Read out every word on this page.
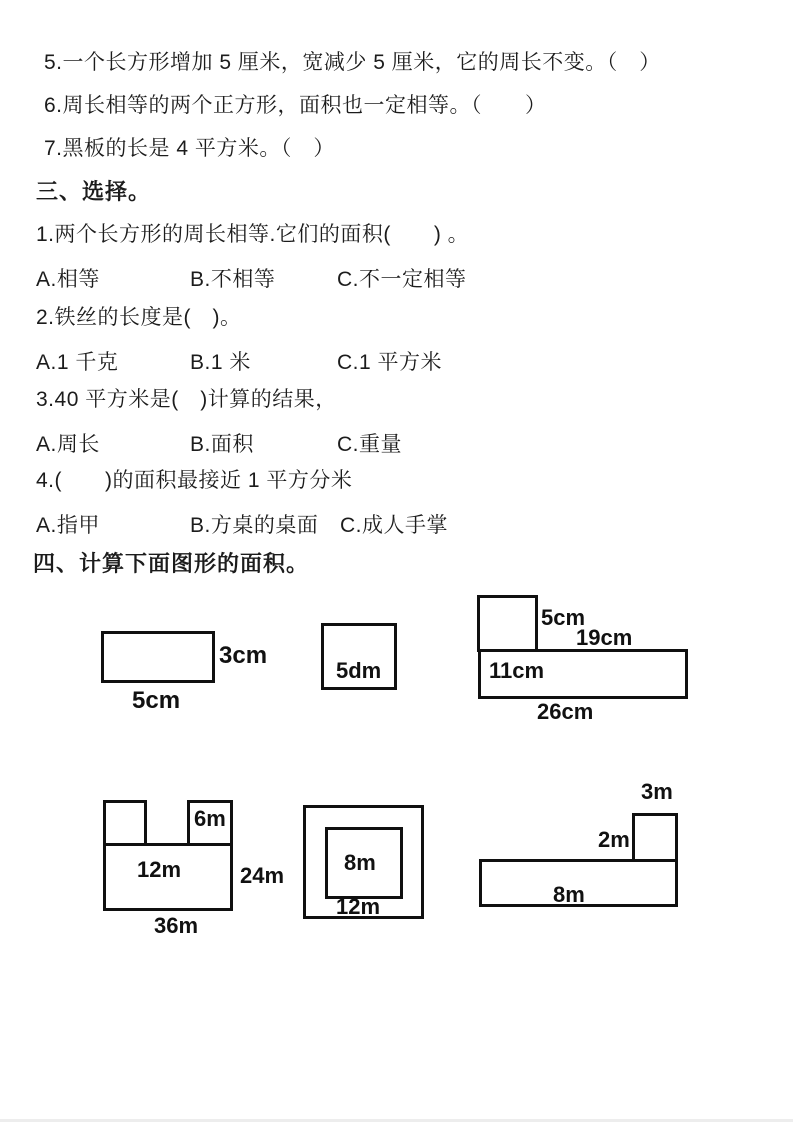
5.一个长方形增加 5 厘米，宽减少 5 厘米，它的周长不变。（　）
6.周长相等的两个正方形，面积也一定相等。（　　）
7.黑板的长是 4 平方米。（　）
三、选择。
1.两个长方形的周长相等.它们的面积(　　) 。
A.相等	B.不相等	C.不一定相等
2.铁丝的长度是(　)。
A.1 千克	B.1 米	C.1 平方米
3.40 平方米是(　)计算的结果，
A.周长	B.面积	C.重量
4.(　　)的面积最接近 1 平方分米
A.指甲	B.方桌的桌面 C.成人手掌
四、计算下面图形的面积。
3cm
5cm
5dm
5cm
19cm
11cm
26cm
6m
12m	24m
36m
8m
12m
3m
2m
8m
